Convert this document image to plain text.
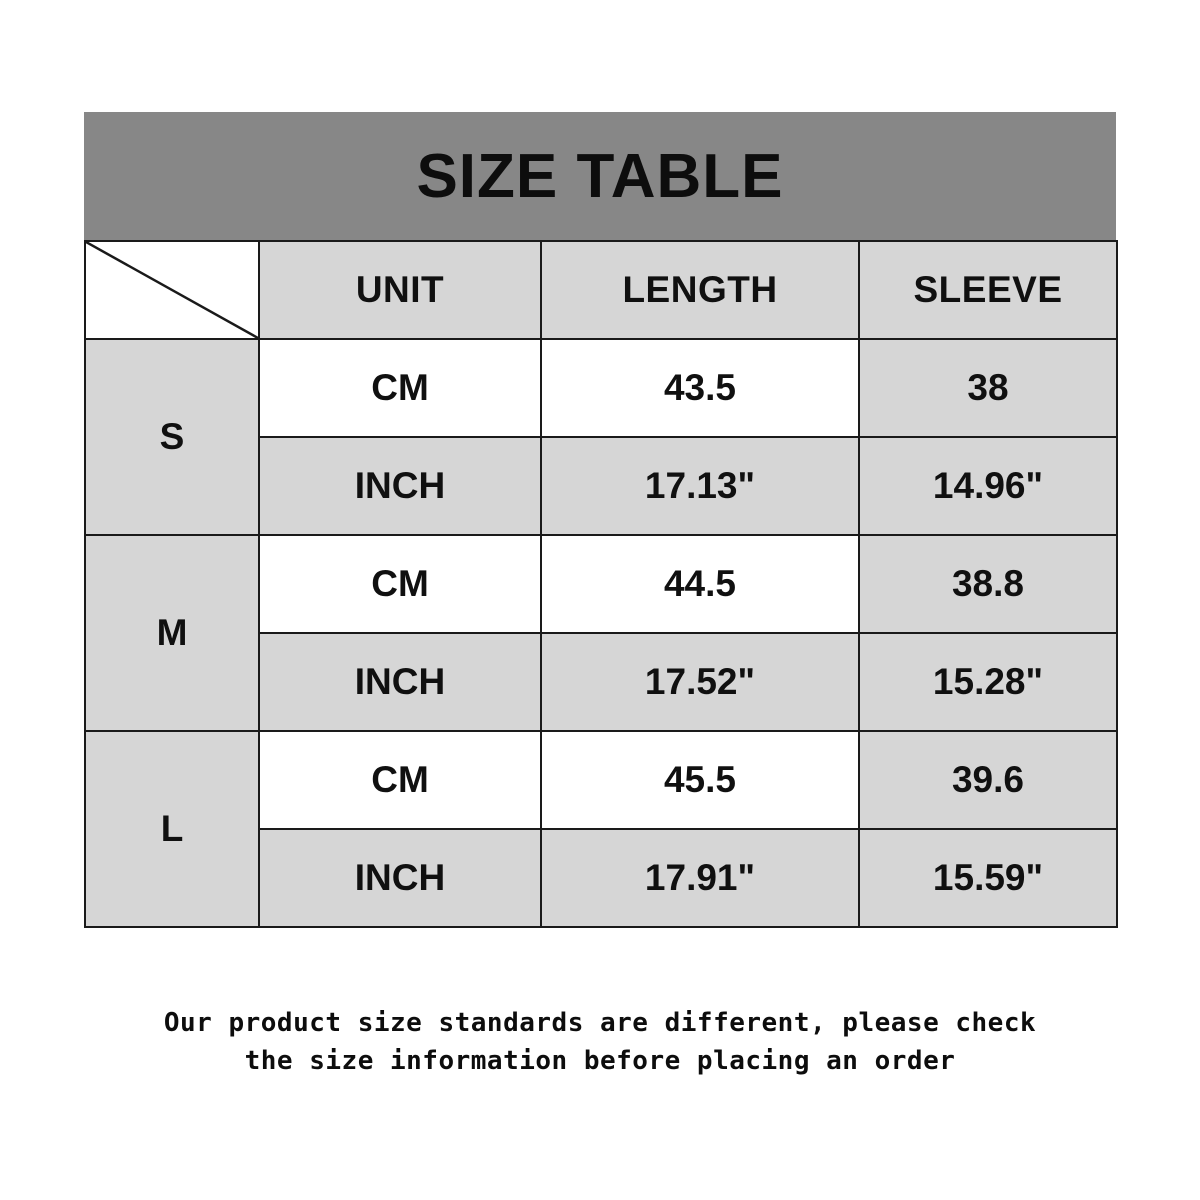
SIZE TABLE
	UNIT	LENGTH	SLEEVE
S	CM	43.5	38
	INCH	17.13"	14.96"
M	CM	44.5	38.8
	INCH	17.52"	15.28"
L	CM	45.5	39.6
	INCH	17.91"	15.59"
Our product size standards are different, please check
the size information before placing an order
